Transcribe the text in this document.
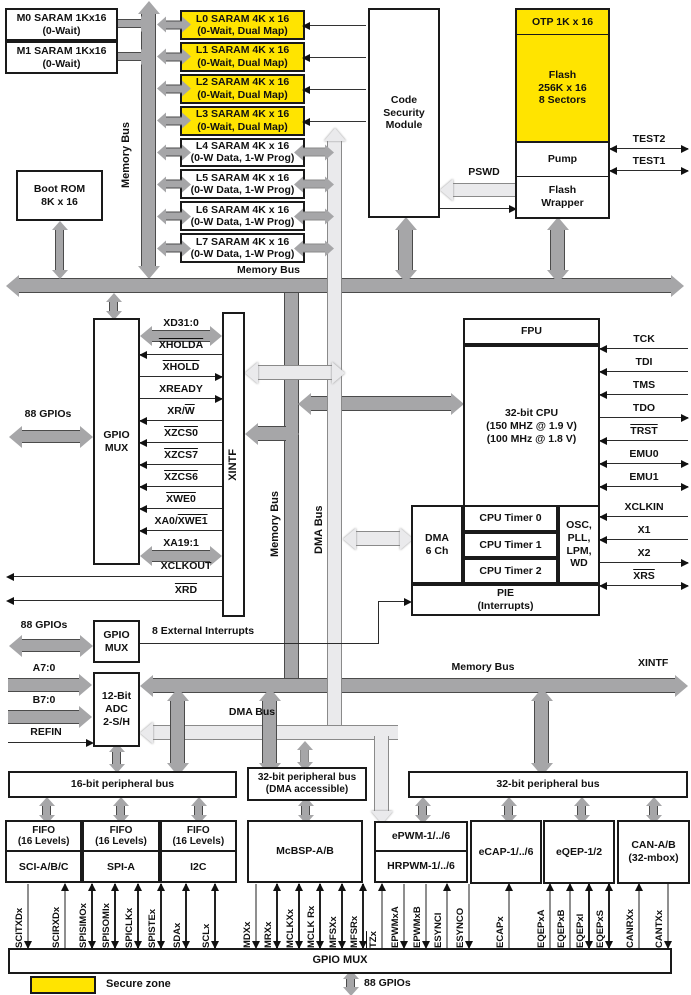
M0 SARAM 1Kx16
(0-Wait)
M1 SARAM 1Kx16
(0-Wait)
Boot ROM
8K x 16
L0 SARAM 4K x 16
(0-Wait, Dual Map)
L1 SARAM 4K x 16
(0-Wait, Dual Map)
L2 SARAM 4K x 16
(0-Wait, Dual Map)
L3 SARAM 4K x 16
(0-Wait, Dual Map)
L4 SARAM 4K x 16
(0-W Data, 1-W Prog)
L5 SARAM 4K x 16
(0-W Data, 1-W Prog)
L6 SARAM 4K x 16
(0-W Data, 1-W Prog)
L7 SARAM 4K x 16
(0-W Data, 1-W Prog)
Code
Security
Module
OTP 1K x 16
Flash
256K x 16
8 Sectors
Pump
Flash
Wrapper
TEST2
TEST1
GPIO
MUX
XINTF
XD31:0
XHOLDA
XHOLD
XREADY
$XR/\overline{W}$
XZCS0
XZCS7
XZCS6
XWE0
XA0/XWE1
XA19:1
FPU
32-bit CPU
(150 MHZ @ 1.9 V)
(100 MHz @ 1.8 V)
DMA
6 Ch
CPU Timer 0
CPU Timer 1
CPU Timer 2
OSC,
PLL,
LPM,
WD
PIE
(Interrupts)
TCK
TDI
TMS
TDO
TRST
EMU0
EMU1
XCLKIN
X1
X2
$\overline{XRS}$
GPIO
MUX
12-Bit
ADC
2-S/H
16-bit peripheral bus
32-bit peripheral bus
(DMA accessible)	32-bit peripheral bus
FIFO
(16 Levels)
SCI-A/B/C
FIFO
(16 Levels)
SPI-A
FIFO
(16 Levels)
I2C
McBSP-A/B
ePWM-1/../6
HRPWM-1/../6
eCAP-1/../6	eQEP-1/2
CAN-A/B
(32-mbox)
SCITXDx	SCIRXDx SPISIMOx SPISOMIx SPICLKx SPISTEx SDAx SCLx	MDXx MRXx MCLKXx MCLK Rx MFSXx MFSRx TZx EPWMxA EPWMxB ESYNCI ESYNCO	ECAPx	EQEPxA EQEPxB EQEPxI EQEPxS CANRXx CANTXx
GPIO MUX
Secure zone
Memory Bus
Memory Bus
Memory Bus	DMA Bus
Memory Bus	XINTF
DMA Bus
PSWD
88 GPIOs
88 GPIOs
88 GPIOs
8 External Interrupts
A7:0
B7:0
REFIN
XCLKOUT
$\overline{XRD}$
